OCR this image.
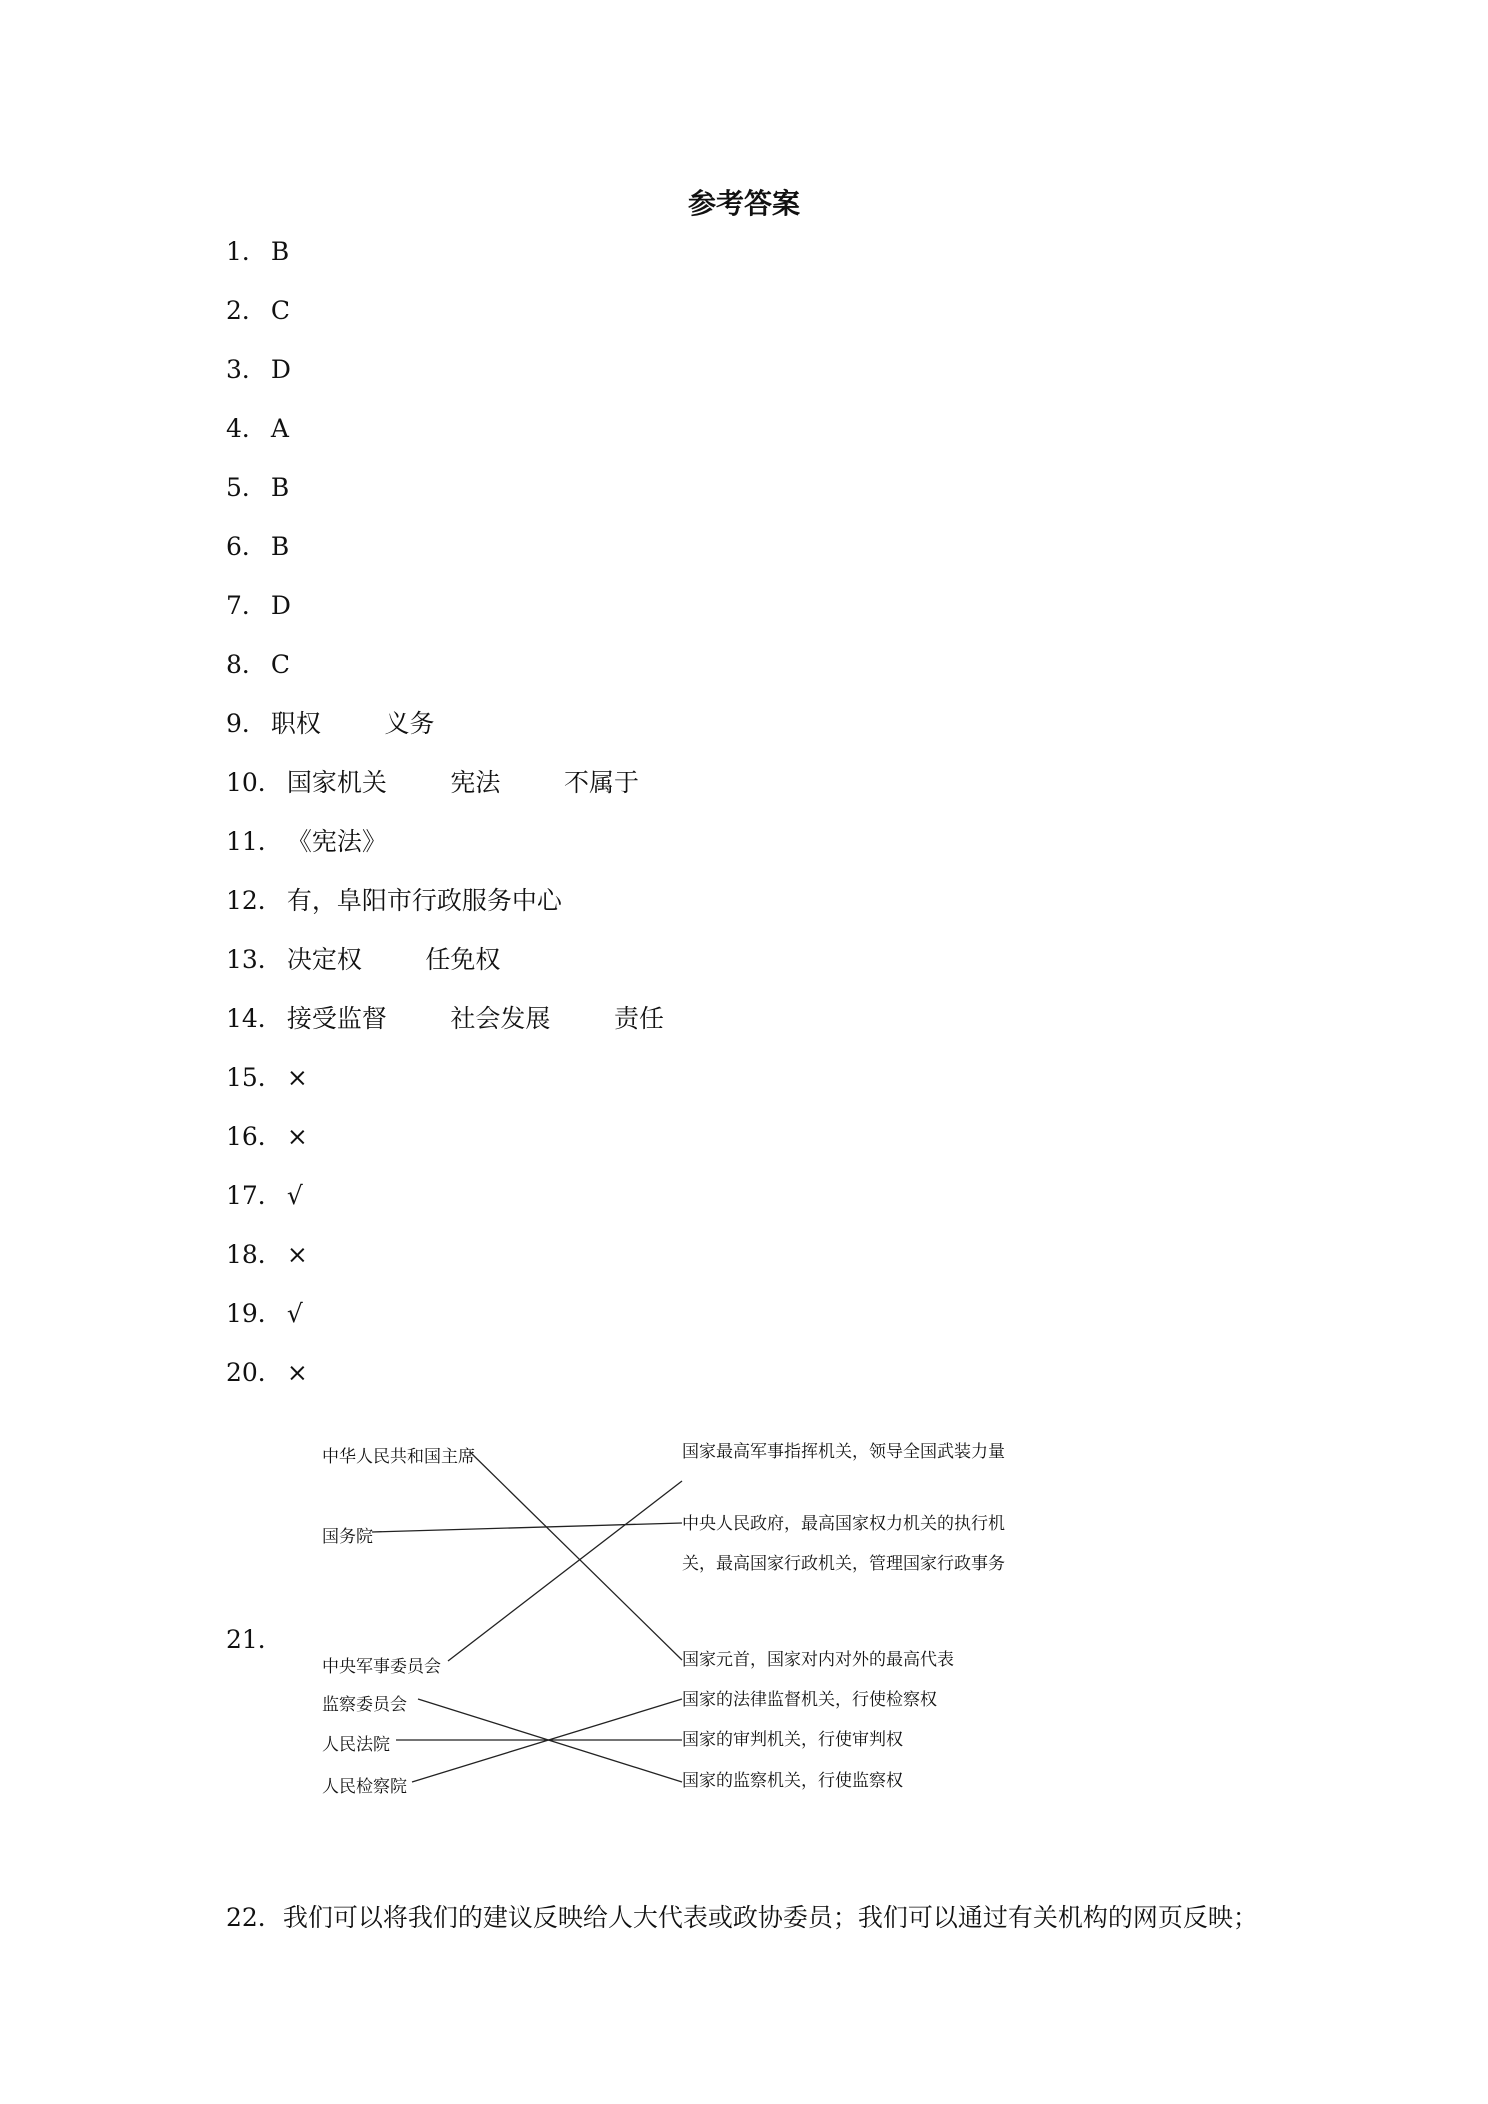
参考答案
1． B
2． C
3． D
4． A
5． B
6． B
7． D
8． C
9． 职权        义务
10． 国家机关        宪法        不属于
11． 《宪法》
12． 有，阜阳市行政服务中心
13． 决定权        任免权
14． 接受监督        社会发展        责任
15． ×
16． ×
17． √
18． ×
19． √
20． ×
21．
中华人民共和国主席
国务院
中央军事委员会
监察委员会
人民法院
人民检察院
国家最高军事指挥机关，领导全国武装力量
中央人民政府，最高国家权力机关的执行机关，最高国家行政机关，管理国家行政事务
国家元首，国家对内对外的最高代表
国家的法律监督机关，行使检察权
国家的审判机关，行使审判权
国家的监察机关，行使监察权
22．我们可以将我们的建议反映给人大代表或政协委员；我们可以通过有关机构的网页反映；
